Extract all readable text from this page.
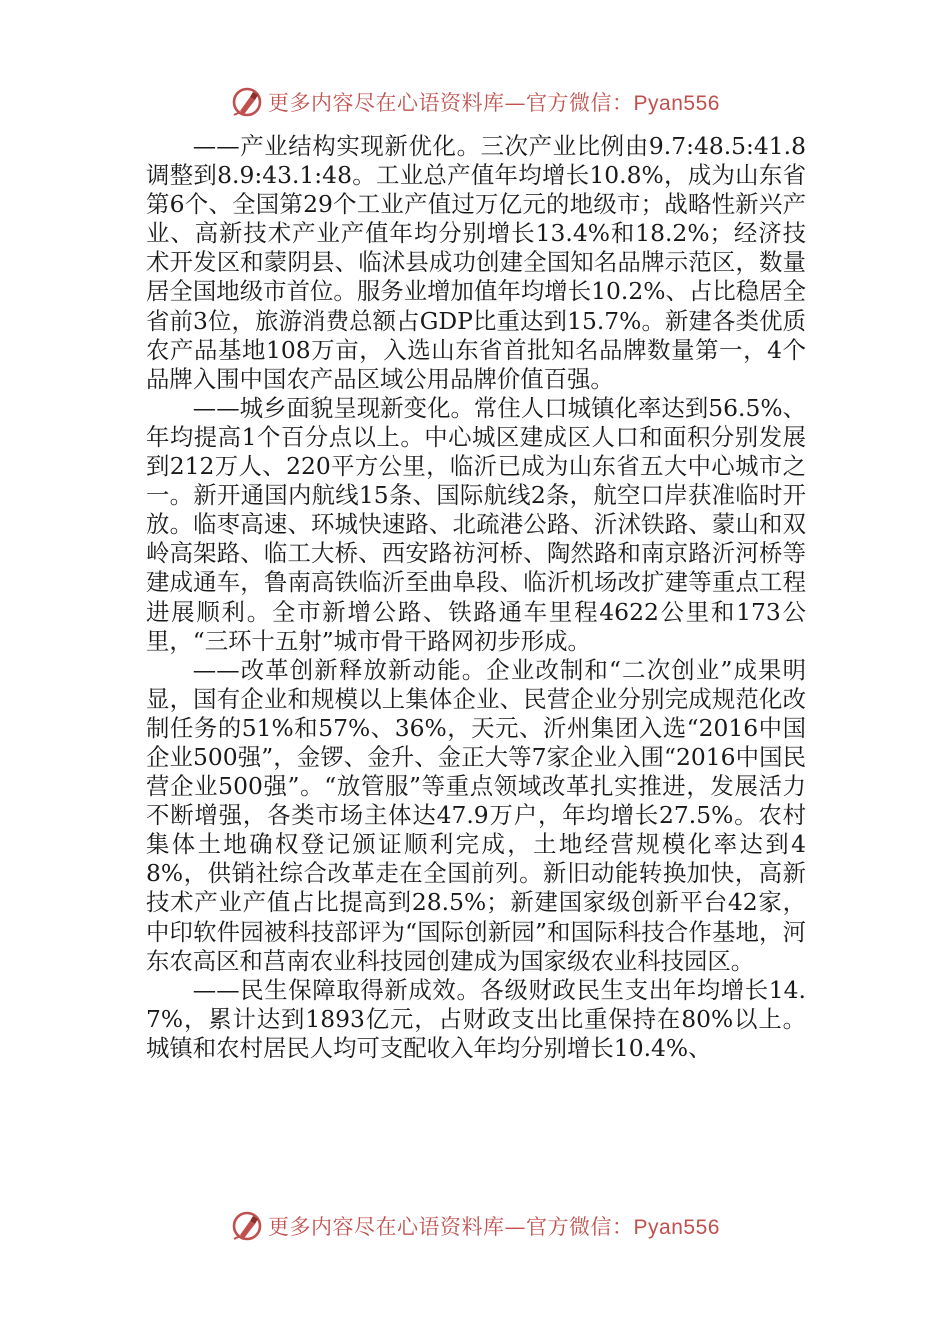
更多内容尽在心语资料库—官方微信：Pyan556

——产业结构实现新优化。三次产业比例由9.7:48.5:41.8调整到8.9:43.1:48。工业总产值年均增长10.8%，成为山东省第6个、全国第29个工业产值过万亿元的地级市；战略性新兴产业、高新技术产业产值年均分别增长13.4%和18.2%；经济技术开发区和蒙阴县、临沭县成功创建全国知名品牌示范区，数量居全国地级市首位。服务业增加值年均增长10.2%、占比稳居全省前3位，旅游消费总额占GDP比重达到15.7%。新建各类优质农产品基地108万亩，入选山东省首批知名品牌数量第一，4个品牌入围中国农产品区域公用品牌价值百强。

——城乡面貌呈现新变化。常住人口城镇化率达到56.5%、年均提高1个百分点以上。中心城区建成区人口和面积分别发展到212万人、220平方公里，临沂已成为山东省五大中心城市之一。新开通国内航线15条、国际航线2条，航空口岸获准临时开放。临枣高速、环城快速路、北疏港公路、沂沭铁路、蒙山和双岭高架路、临工大桥、西安路祊河桥、陶然路和南京路沂河桥等建成通车，鲁南高铁临沂至曲阜段、临沂机场改扩建等重点工程进展顺利。全市新增公路、铁路通车里程4622公里和173公里，“三环十五射”城市骨干路网初步形成。

——改革创新释放新动能。企业改制和“二次创业”成果明显，国有企业和规模以上集体企业、民营企业分别完成规范化改制任务的51%和57%、36%，天元、沂州集团入选“2016中国企业500强”，金锣、金升、金正大等7家企业入围“2016中国民营企业500强”。“放管服”等重点领域改革扎实推进，发展活力不断增强，各类市场主体达47.9万户，年均增长27.5%。农村集体土地确权登记颁证顺利完成，土地经营规模化率达到48%，供销社综合改革走在全国前列。新旧动能转换加快，高新技术产业产值占比提高到28.5%；新建国家级创新平台42家，中印软件园被科技部评为“国际创新园”和国际科技合作基地，河东农高区和莒南农业科技园创建成为国家级农业科技园区。

——民生保障取得新成效。各级财政民生支出年均增长14.7%，累计达到1893亿元，占财政支出比重保持在80%以上。城镇和农村居民人均可支配收入年均分别增长10.4%、

更多内容尽在心语资料库—官方微信：Pyan556
